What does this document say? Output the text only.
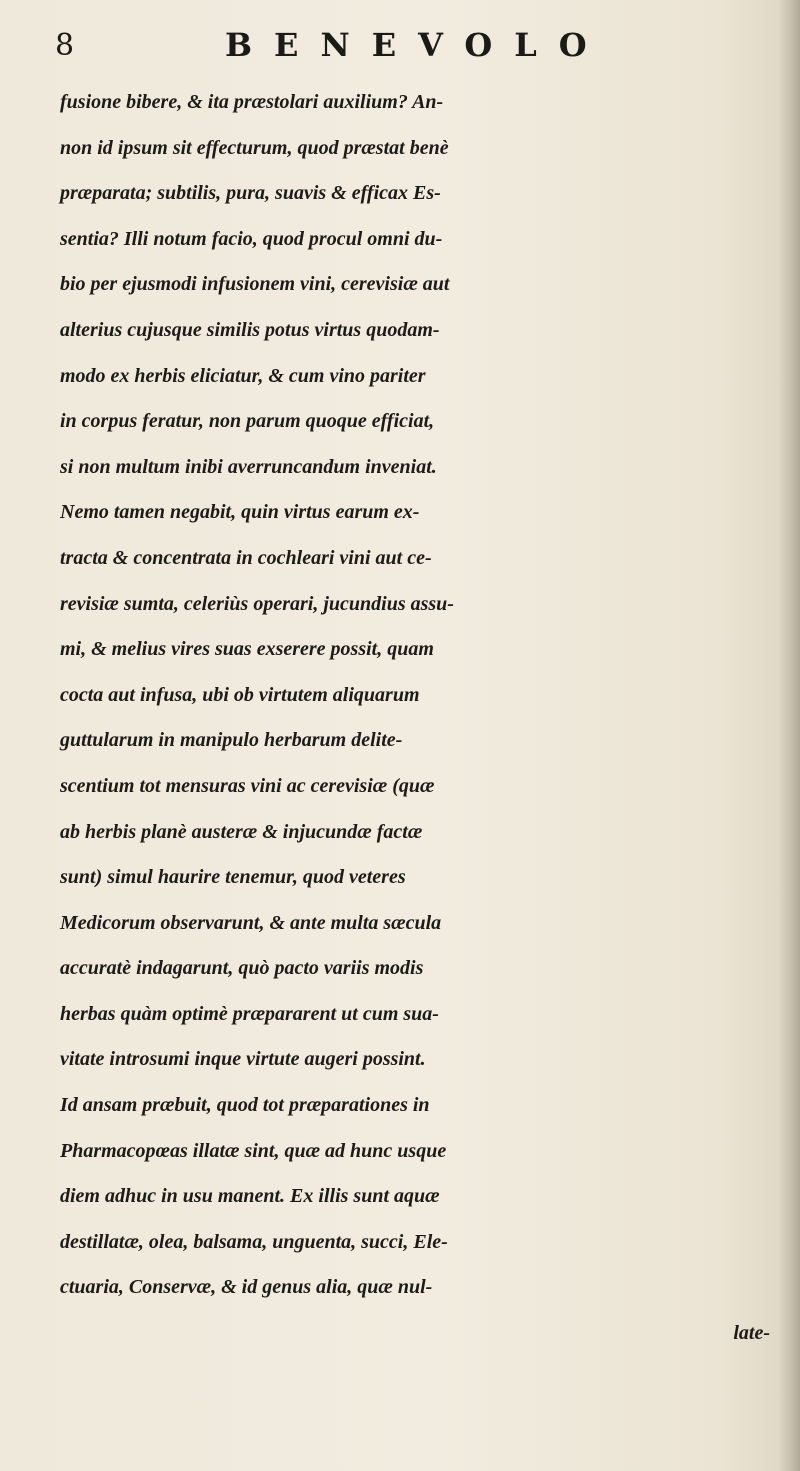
8	BENEVOLO
fusione bibere, & ita præstolari auxilium? An-
non id ipsum sit effecturum, quod præstat benè
præparata; subtilis, pura, suavis & efficax Es-
sentia? Illi notum facio, quod procul omni du-
bio per ejusmodi infusionem vini, cerevisiæ aut
alterius cujusque similis potus virtus quodam-
modo ex herbis eliciatur, & cum vino pariter
in corpus feratur, non parum quoque efficiat,
si non multum inibi averruncandum inveniat.
Nemo tamen negabit, quin virtus earum ex-
tracta & concentrata in cochleari vini aut ce-
revisiæ sumta, celeriùs operari, jucundius assu-
mi, & melius vires suas exserere possit, quam
cocta aut infusa, ubi ob virtutem aliquarum
guttularum in manipulo herbarum delite-
scentium tot mensuras vini ac cerevisiæ (quæ
ab herbis planè austeræ & injucundæ factæ
sunt) simul haurire tenemur, quod veteres
Medicorum observarunt, & ante multa sæcula
accuratè indagarunt, quò pacto variis modis
herbas quàm optimè præpararent ut cum sua-
vitate introsumi inque virtute augeri possint.
Id ansam præbuit, quod tot præparationes in
Pharmacopœas illatæ sint, quæ ad hunc usque
diem adhuc in usu manent. Ex illis sunt aquæ
destillatæ, olea, balsama, unguenta, succi, Ele-
ctuaria, Conservæ, & id genus alia, quæ nul-
late-
